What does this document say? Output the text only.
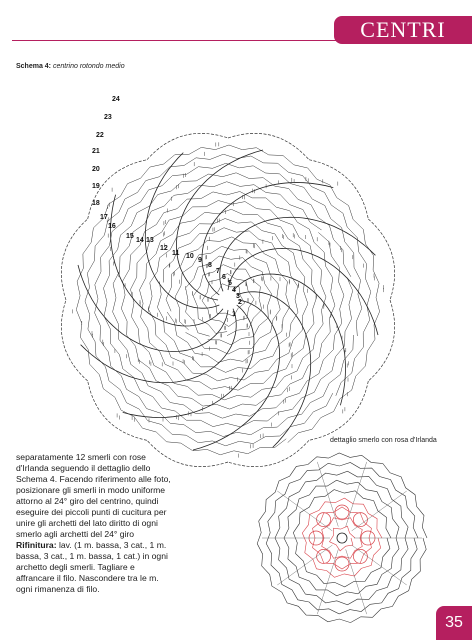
CENTRI
Schema 4: centrino rotondo medio
24
23
22
21
20
19
18
17
16
15
14 13
12
11 10
9
8
7
6
5
4
3
2
1
dettaglio smerlo con rosa d'Irlanda

separatamente 12 smerli con rose d'Irlanda seguendo il dettaglio dello Schema 4. Facendo riferimento alle foto, posizionare gli smerli in modo uniforme attorno al 24° giro del centrino, quindi eseguire dei piccoli punti di cucitura per unire gli archetti del lato diritto di ogni smerlo agli archetti del 24° giro

Rifinitura: lav. (1 m. bassa, 3 cat., 1 m. bassa, 3 cat., 1 m. bassa, 1 cat.) in ogni archetto degli smerli. Tagliare e affrancare il filo. Nascondere tra le m. ogni rimanenza di filo.

35
